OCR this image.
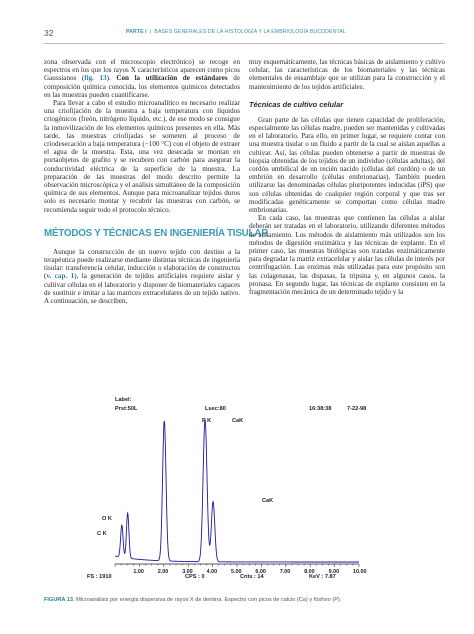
32	PARTE I | BASES GENERALES DE LA HISTOLOGÍA Y LA EMBRIOLOGÍA BUCODENTAL

zona observada con el microscopio electrónico) se recoge en espectros en los que los rayos X característicos aparecen como picos Gaussianos (fig. 13). Con la utilización de estándares de composición química conocida, los elementos químicos detectados en las muestras pueden cuantificarse.

Para llevar a cabo el estudio microanalítico es necesario realizar una criofijación de la muestra a baja temperatura con líquidos criogénicos (freón, nitrógeno líquido, etc.), de ese modo se consigue la inmovilización de los elementos químicos presentes en ella. Más tarde, las muestras criofijadas se someten al proceso de criodesecación a baja temperatura (−100 °C) con el objeto de extraer el agua de la muestra. Esta, una vez desecada se montan en portaobjetos de grafito y se recubren con carbón para asegurar la conductividad eléctrica de la superficie de la muestra. La preparación de las muestras del modo descrito permite la observación microscópica y el análisis simultáneo de la composición química de sus elementos. Aunque para microanalizar tejidos duros solo es necesario montar y recubrir las muestras con carbón, se recomienda seguir todo el protocolo técnico.

MÉTODOS Y TÉCNICAS EN INGENIERÍA TISULAR

Aunque la construcción de un nuevo tejido con destino a la terapéutica puede realizarse mediante distintas técnicas de ingeniería tisular: transferencia celular, inducción o elaboración de constructos (v. cap. 1), la generación de tejidos artificiales requiere aislar y cultivar células en el laboratorio y disponer de biomateriales capaces de sustituir e imitar a las matrices extracelulares de un tejido nativo. A continuación, se describen,

muy esquemáticamente, las técnicas básicas de aislamiento y cultivo celular, las características de los biomateriales y las técnicas elementales de ensamblaje que se utilizan para la construcción y el mantenimiento de los tejidos artificiales.

Técnicas de cultivo celular

Gran parte de las células que tienen capacidad de proliferación, especialmente las células madre, pueden ser mantenidas y cultivadas en el laboratorio. Para ello, en primer lugar, se requiere contar con una muestra tisular o un fluido a partir de la cual se aíslan aquellas a cultivar. Así, las células pueden obtenerse a partir de muestras de biopsia obtenidas de los tejidos de un individuo (células adultas), del cordón umbilical de un recién nacido (células del cordón) o de un embrión en desarrollo (células embrionarias). También pueden utilizarse las denominadas células pluripotentes inducidas (iPS) que son células obtenidas de cualquier región corporal y que tras ser modificadas genéticamente se comportan como células madre embrionarias.

En cada caso, las muestras que contienen las células a aislar deberán ser tratadas en el laboratorio, utilizando diferentes métodos de aislamiento. Los métodos de aislamiento más utilizados son los métodos de digestión enzimática y las técnicas de explante. En el primer caso, las muestras biológicas son tratadas enzimáticamente para degradar la matriz extracelular y aislar las células de interés por centrifugación. Las enzimas más utilizadas para este propósito son las colagenasas, las dispasas, la tripsina y, en algunos casos, la pronasa. En segundo lugar, las técnicas de explante consisten en la fragmentación mecánica de un determinado tejido y la

Label:
Prst:50L	Lsec:80	16:38:38	7-22-98
1.00	2.00	3.00	4.00	5.00	6.00	7.00	8.00	9.00	10.00
O K
C K
P K	CaK
CaK
FS : 1910	CPS : 0	Cnts : 14	KeV : 7.87
FIGURA 13. Microanálisis por energía dispersiva de rayos X de dentina. Espectro con picos de calcio (Ca) y fósforo (P).
